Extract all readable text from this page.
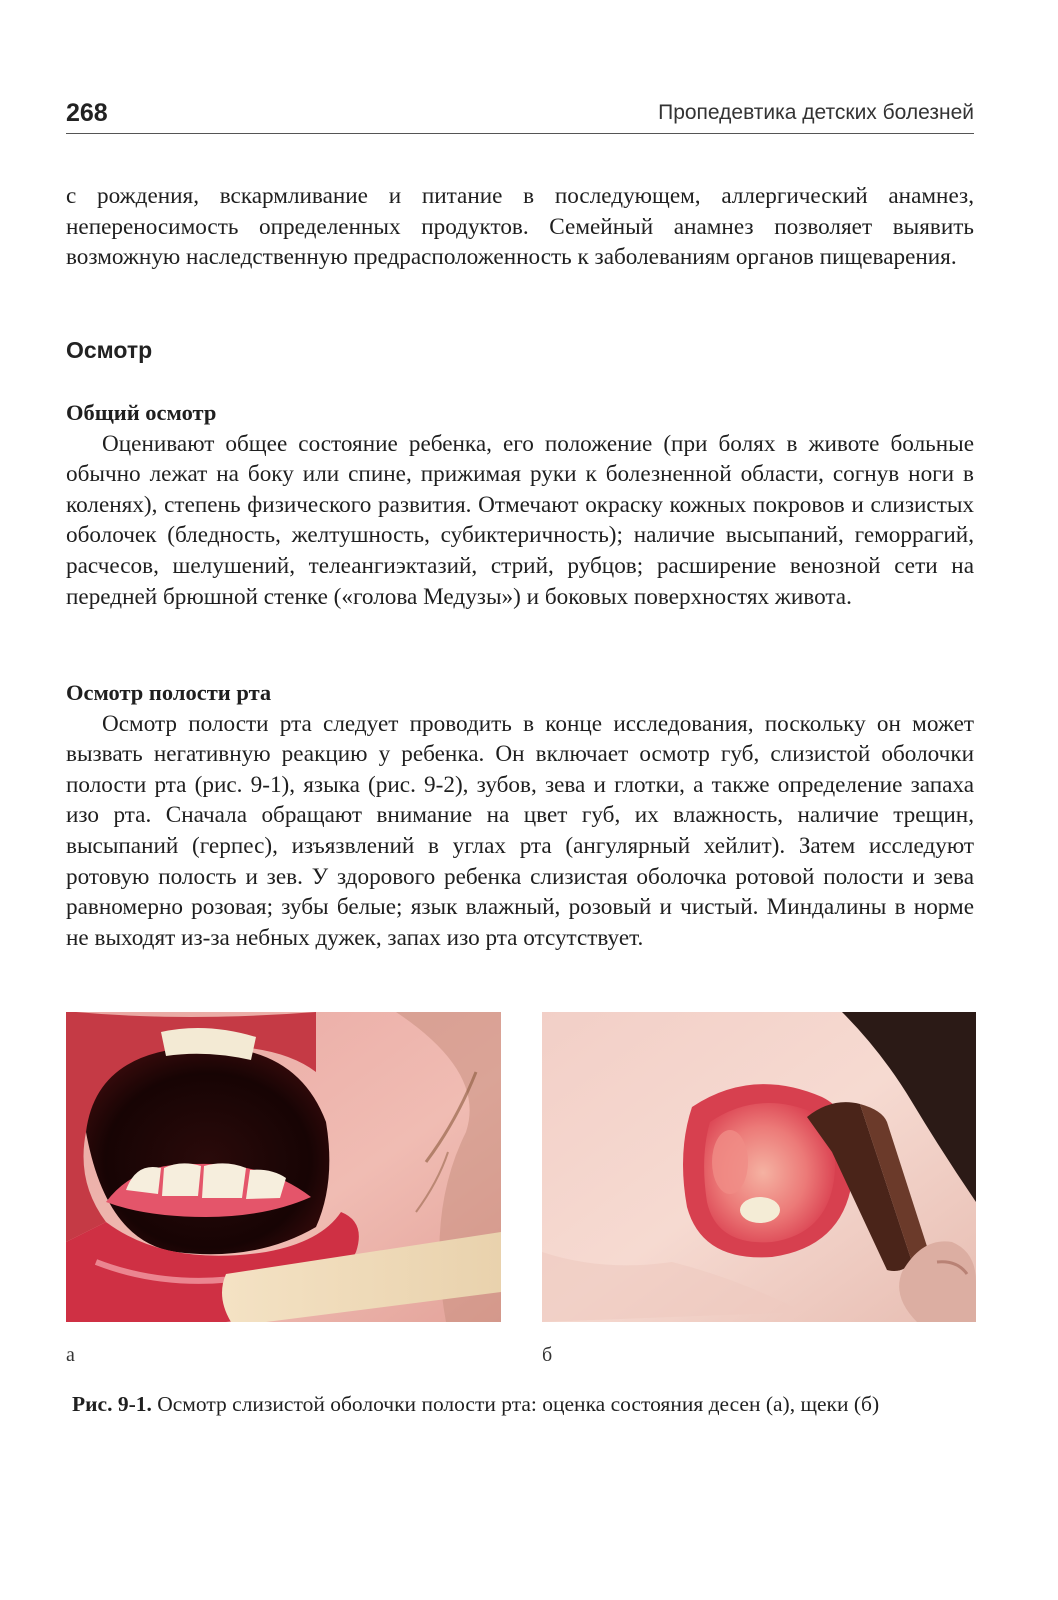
268	Пропедевтика детских болезней

с рождения, вскармливание и питание в последующем, аллергический анамнез, непереносимость определенных продуктов. Семейный анамнез позволяет выявить возможную наследственную предрасположенность к заболеваниям органов пищеварения.

Осмотр

Общий осмотр

Оценивают общее состояние ребенка, его положение (при болях в животе больные обычно лежат на боку или спине, прижимая руки к болезненной области, согнув ноги в коленях), степень физического развития. Отмечают окраску кожных покровов и слизистых оболочек (бледность, желтушность, субиктеричность); наличие высыпаний, геморрагий, расчесов, шелушений, телеангиэктазий, стрий, рубцов; расширение венозной сети на передней брюшной стенке («голова Медузы») и боковых поверхностях живота.

Осмотр полости рта

Осмотр полости рта следует проводить в конце исследования, поскольку он может вызвать негативную реакцию у ребенка. Он включает осмотр губ, слизистой оболочки полости рта (рис. 9-1), языка (рис. 9-2), зубов, зева и глотки, а также определение запаха изо рта. Сначала обращают внимание на цвет губ, их влажность, наличие трещин, высыпаний (герпес), изъязвлений в углах рта (ангулярный хейлит). Затем исследуют ротовую полость и зев. У здорового ребенка слизистая оболочка ротовой полости и зева равномерно розовая; зубы белые; язык влажный, розовый и чистый. Миндалины в норме не выходят из-за небных дужек, запах изо рта отсутствует.

а	б
Рис. 9-1. Осмотр слизистой оболочки полости рта: оценка состояния десен (а), щеки (б)
